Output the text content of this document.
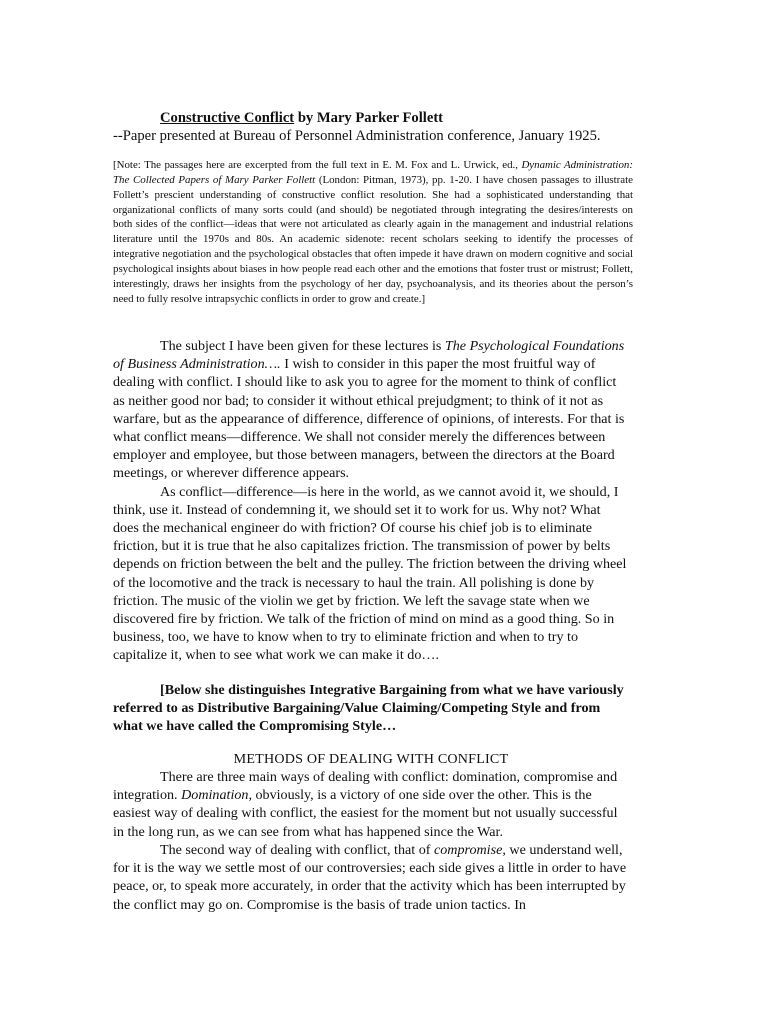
Constructive Conflict by Mary Parker Follett
--Paper presented at Bureau of Personnel Administration conference, January 1925.
[Note: The passages here are excerpted from the full text in E. M. Fox and L. Urwick, ed., Dynamic Administration: The Collected Papers of Mary Parker Follett (London: Pitman, 1973), pp. 1-20. I have chosen passages to illustrate Follett’s prescient understanding of constructive conflict resolution. She had a sophisticated understanding that organizational conflicts of many sorts could (and should) be negotiated through integrating the desires/interests on both sides of the conflict—ideas that were not articulated as clearly again in the management and industrial relations literature until the 1970s and 80s. An academic sidenote: recent scholars seeking to identify the processes of integrative negotiation and the psychological obstacles that often impede it have drawn on modern cognitive and social psychological insights about biases in how people read each other and the emotions that foster trust or mistrust; Follett, interestingly, draws her insights from the psychology of her day, psychoanalysis, and its theories about the person’s need to fully resolve intrapsychic conflicts in order to grow and create.]

The subject I have been given for these lectures is The Psychological Foundations of Business Administration…. I wish to consider in this paper the most fruitful way of dealing with conflict. I should like to ask you to agree for the moment to think of conflict as neither good nor bad; to consider it without ethical prejudgment; to think of it not as warfare, but as the appearance of difference, difference of opinions, of interests. For that is what conflict means—difference. We shall not consider merely the differences between employer and employee, but those between managers, between the directors at the Board meetings, or wherever difference appears.

As conflict—difference—is here in the world, as we cannot avoid it, we should, I think, use it. Instead of condemning it, we should set it to work for us. Why not? What does the mechanical engineer do with friction? Of course his chief job is to eliminate friction, but it is true that he also capitalizes friction. The transmission of power by belts depends on friction between the belt and the pulley. The friction between the driving wheel of the locomotive and the track is necessary to haul the train. All polishing is done by friction. The music of the violin we get by friction. We left the savage state when we discovered fire by friction. We talk of the friction of mind on mind as a good thing. So in business, too, we have to know when to try to eliminate friction and when to try to capitalize it, when to see what work we can make it do….

[Below she distinguishes Integrative Bargaining from what we have variously referred to as Distributive Bargaining/Value Claiming/Competing Style and from what we have called the Compromising Style…

METHODS OF DEALING WITH CONFLICT

There are three main ways of dealing with conflict: domination, compromise and integration. Domination, obviously, is a victory of one side over the other. This is the easiest way of dealing with conflict, the easiest for the moment but not usually successful in the long run, as we can see from what has happened since the War.

The second way of dealing with conflict, that of compromise, we understand well, for it is the way we settle most of our controversies; each side gives a little in order to have peace, or, to speak more accurately, in order that the activity which has been interrupted by the conflict may go on. Compromise is the basis of trade union tactics. In
